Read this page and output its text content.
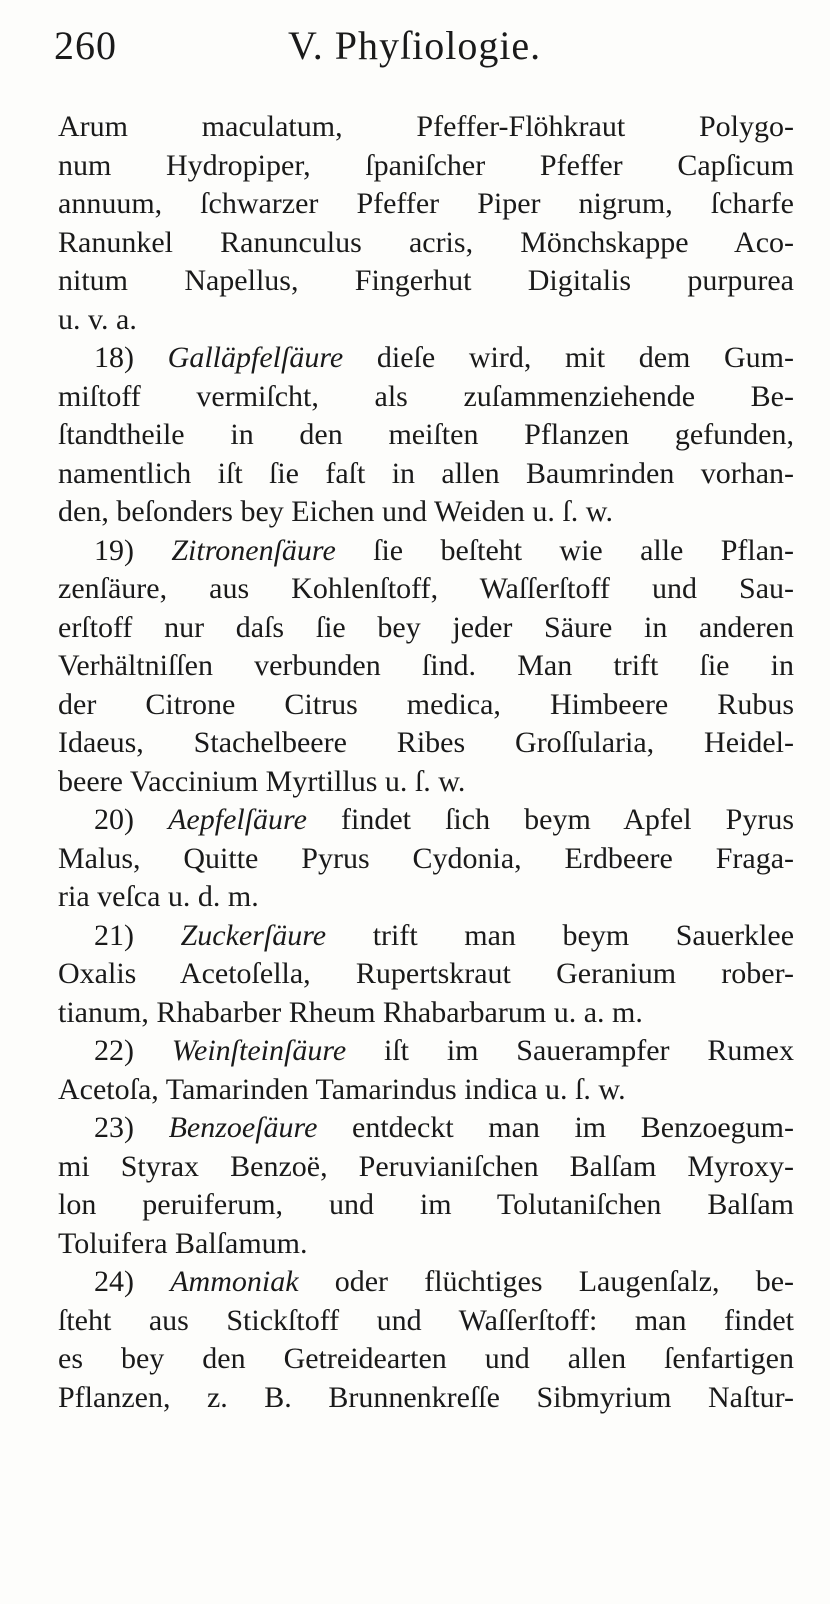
260	V. Phyſiologie.
Arum maculatum, Pfeffer-Flöhkraut Polygo-
num Hydropiper, ſpaniſcher Pfeffer Capſicum
annuum, ſchwarzer Pfeffer Piper nigrum, ſcharfe
Ranunkel Ranunculus acris, Mönchskappe Aco-
nitum Napellus, Fingerhut Digitalis purpurea
u. v. a.
18) Galläpfelſäure dieſe wird, mit dem Gum-
miſtoff vermiſcht, als zuſammenziehende Be-
ſtandtheile in den meiſten Pflanzen gefunden,
namentlich iſt ſie faſt in allen Baumrinden vorhan-
den, beſonders bey Eichen und Weiden u. ſ. w.
19) Zitronenſäure ſie beſteht wie alle Pflan-
zenſäure, aus Kohlenſtoff, Waſſerſtoff und Sau-
erſtoff nur daſs ſie bey jeder Säure in anderen
Verhältniſſen verbunden ſind. Man trift ſie in
der Citrone Citrus medica, Himbeere Rubus
Idaeus, Stachelbeere Ribes Groſſularia, Heidel-
beere Vaccinium Myrtillus u. ſ. w.
20) Aepfelſäure findet ſich beym Apfel Pyrus
Malus, Quitte Pyrus Cydonia, Erdbeere Fraga-
ria veſca u. d. m.
21) Zuckerſäure trift man beym Sauerklee
Oxalis Acetoſella, Rupertskraut Geranium rober-
tianum, Rhabarber Rheum Rhabarbarum u. a. m.
22) Weinſteinſäure iſt im Sauerampfer Rumex
Acetoſa, Tamarinden Tamarindus indica u. ſ. w.
23) Benzoeſäure entdeckt man im Benzoegum-
mi Styrax Benzoë, Peruvianiſchen Balſam Myroxy-
lon peruiferum, und im Tolutaniſchen Balſam
Toluifera Balſamum.
24) Ammoniak oder flüchtiges Laugenſalz, be-
ſteht aus Stickſtoff und Waſſerſtoff: man findet
es bey den Getreidearten und allen ſenfartigen
Pflanzen, z. B. Brunnenkreſſe Sibmyrium Naſtur-
